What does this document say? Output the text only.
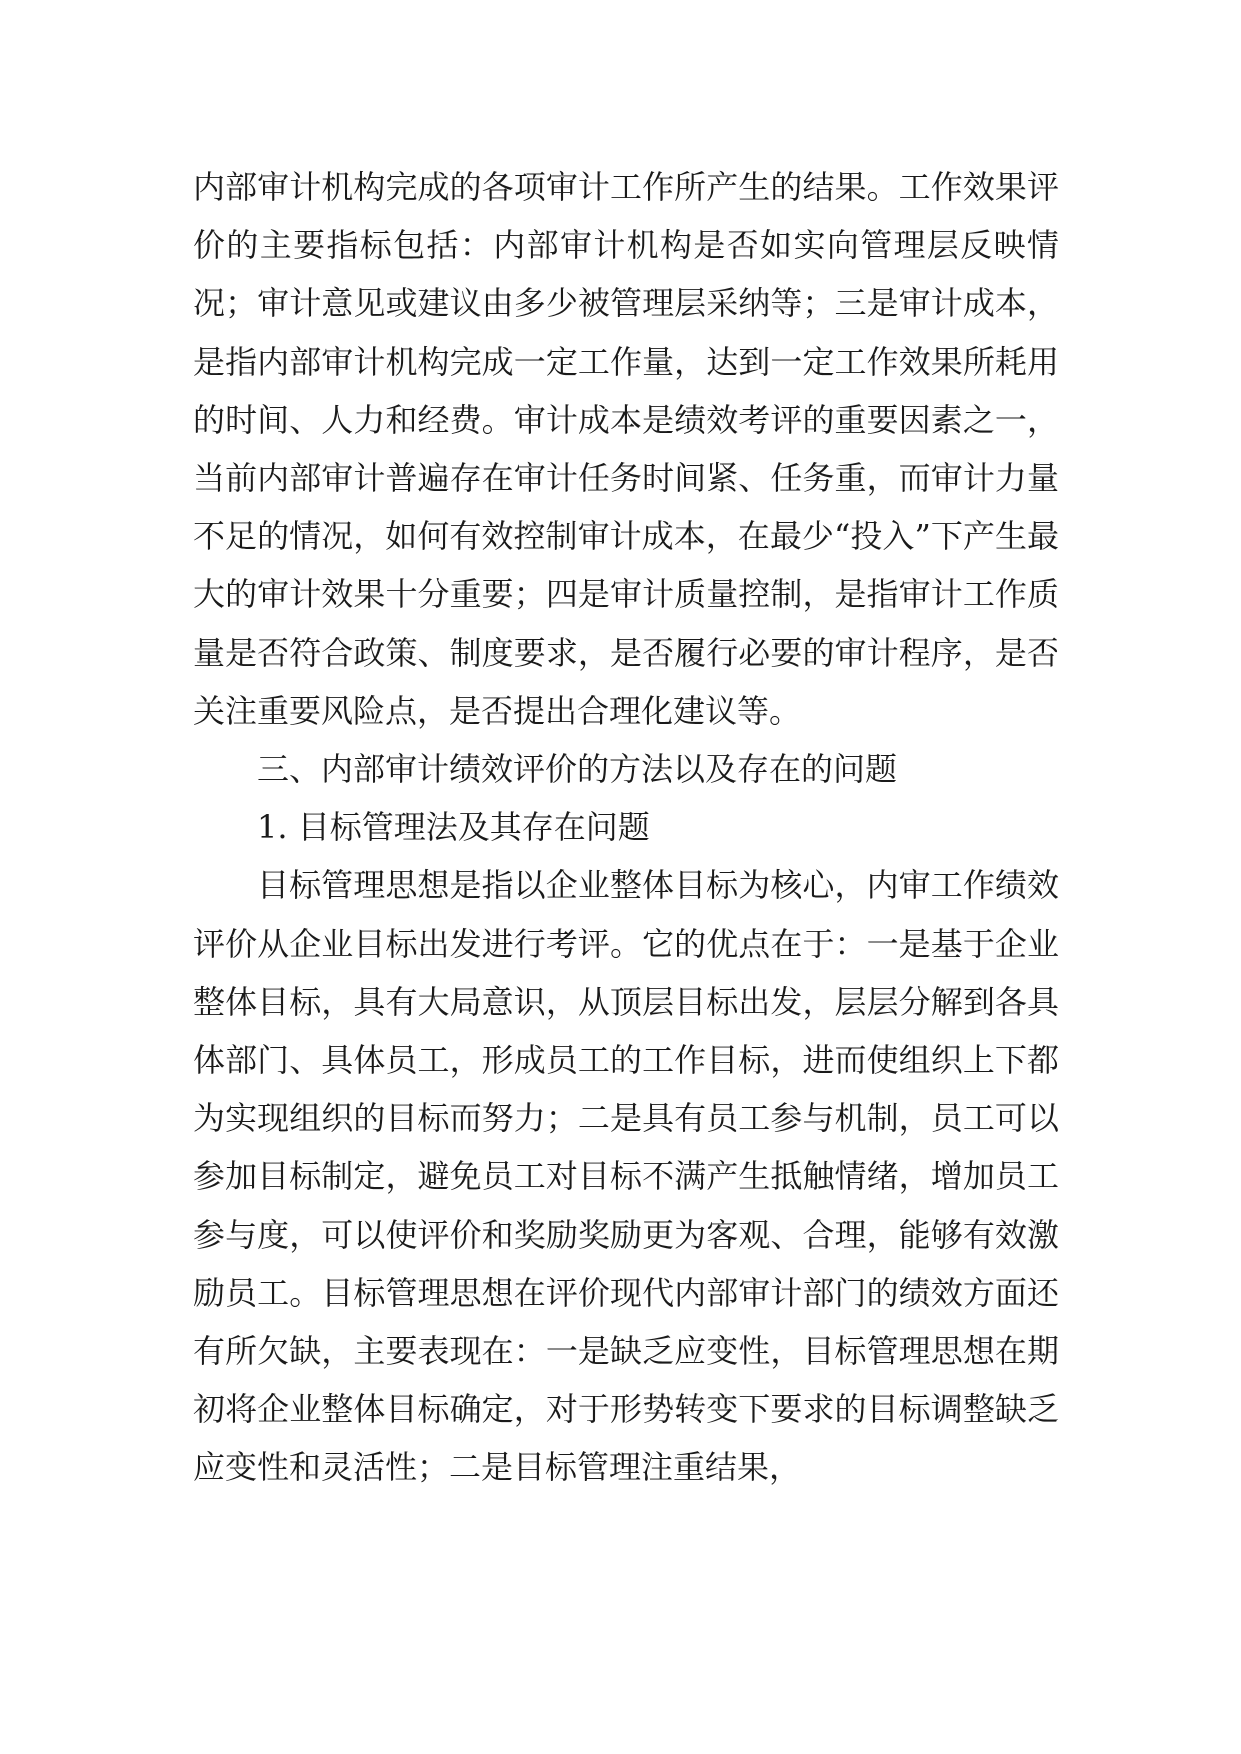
内部审计机构完成的各项审计工作所产生的结果。工作效果评价的主要指标包括：内部审计机构是否如实向管理层反映情况；审计意见或建议由多少被管理层采纳等；三是审计成本，是指内部审计机构完成一定工作量，达到一定工作效果所耗用的时间、人力和经费。审计成本是绩效考评的重要因素之一，当前内部审计普遍存在审计任务时间紧、任务重，而审计力量不足的情况，如何有效控制审计成本，在最少“投入”下产生最大的审计效果十分重要；四是审计质量控制，是指审计工作质量是否符合政策、制度要求，是否履行必要的审计程序，是否关注重要风险点，是否提出合理化建议等。

三、内部审计绩效评价的方法以及存在的问题

1. 目标管理法及其存在问题

目标管理思想是指以企业整体目标为核心，内审工作绩效评价从企业目标出发进行考评。它的优点在于：一是基于企业整体目标，具有大局意识，从顶层目标出发，层层分解到各具体部门、具体员工，形成员工的工作目标，进而使组织上下都为实现组织的目标而努力；二是具有员工参与机制，员工可以参加目标制定，避免员工对目标不满产生抵触情绪，增加员工参与度，可以使评价和奖励奖励更为客观、合理，能够有效激励员工。目标管理思想在评价现代内部审计部门的绩效方面还有所欠缺，主要表现在：一是缺乏应变性，目标管理思想在期初将企业整体目标确定，对于形势转变下要求的目标调整缺乏应变性和灵活性；二是目标管理注重结果，
